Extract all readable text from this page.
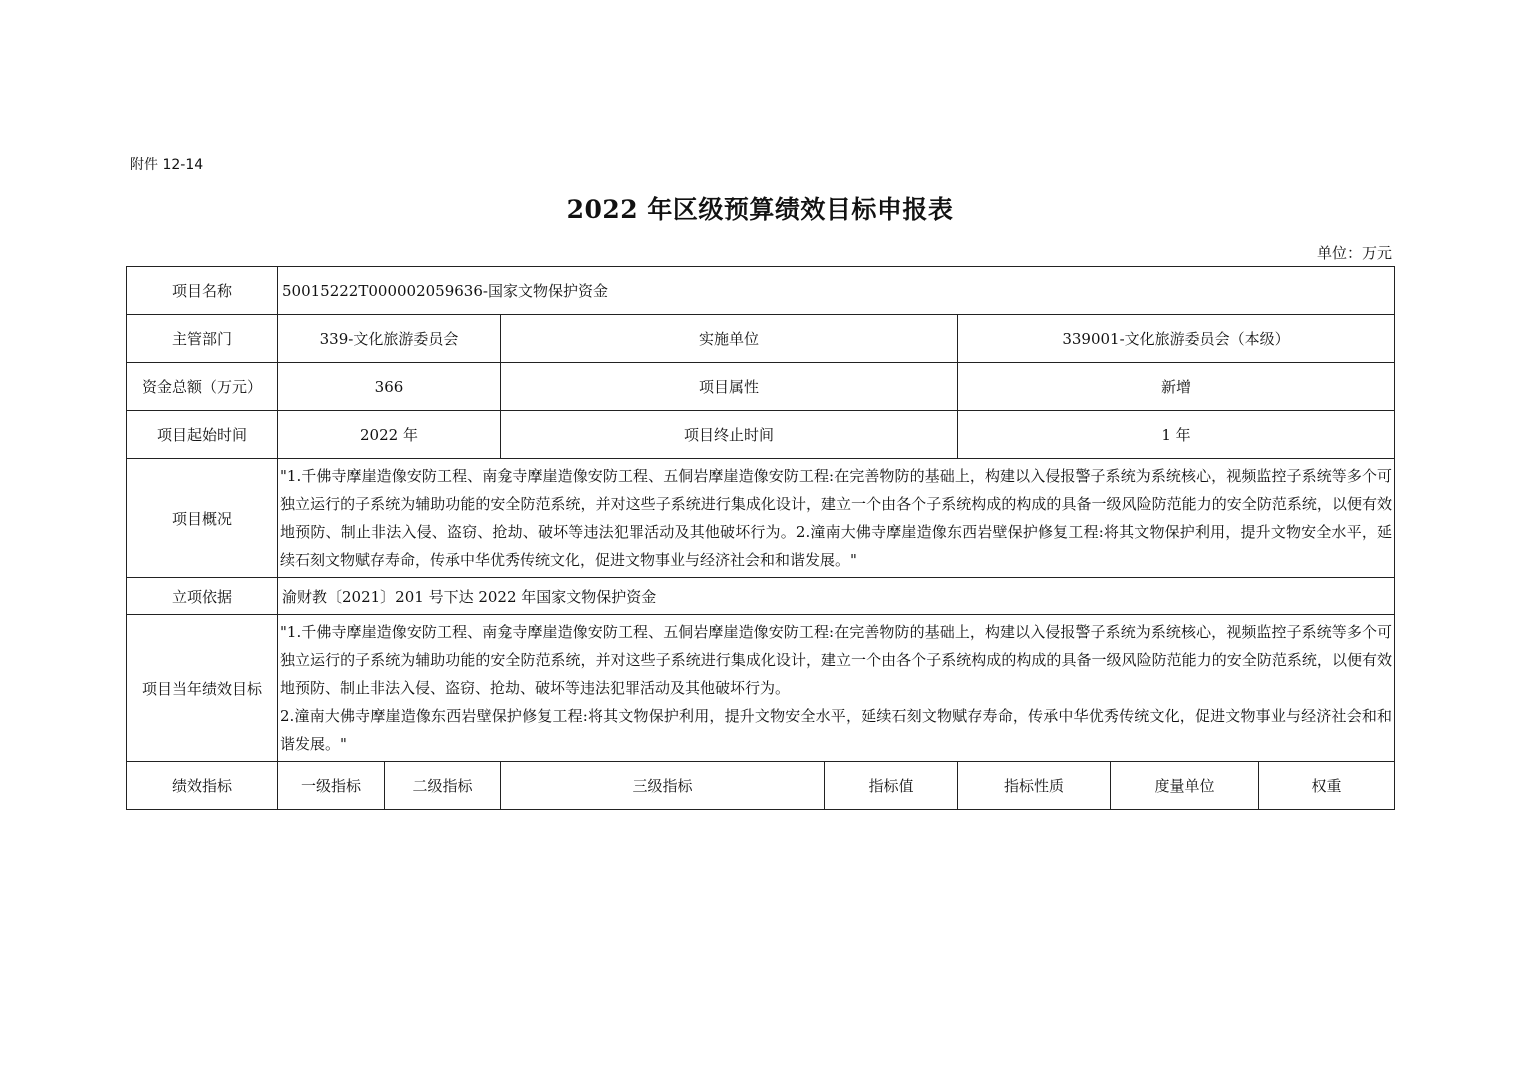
附件 12-14
2022 年区级预算绩效目标申报表
单位：万元
项目名称	50015222T000002059636-国家文物保护资金						
主管部门	339-文化旅游委员会		实施单位		339001-文化旅游委员会（本级）		
资金总额（万元）	366		项目属性		新增		
项目起始时间	2022 年		项目终止时间		1 年		
项目概况	"1.千佛寺摩崖造像安防工程、南龛寺摩崖造像安防工程、五侗岩摩崖造像安防工程:在完善物防的基础上，构建以入侵报警子系统为系统核心，视频监控子系统等多个可独立运行的子系统为辅助功能的安全防范系统，并对这些子系统进行集成化设计，建立一个由各个子系统构成的构成的具备一级风险防范能力的安全防范系统，以便有效地预防、制止非法入侵、盗窃、抢劫、破坏等违法犯罪活动及其他破坏行为。2.潼南大佛寺摩崖造像东西岩壁保护修复工程:将其文物保护利用，提升文物安全水平，延续石刻文物赋存寿命，传承中华优秀传统文化，促进文物事业与经济社会和和谐发展。"						
立项依据	渝财教〔2021〕201 号下达 2022 年国家文物保护资金						
项目当年绩效目标	"1.千佛寺摩崖造像安防工程、南龛寺摩崖造像安防工程、五侗岩摩崖造像安防工程:在完善物防的基础上，构建以入侵报警子系统为系统核心，视频监控子系统等多个可独立运行的子系统为辅助功能的安全防范系统，并对这些子系统进行集成化设计，建立一个由各个子系统构成的构成的具备一级风险防范能力的安全防范系统，以便有效地预防、制止非法入侵、盗窃、抢劫、破坏等违法犯罪活动及其他破坏行为。

2.潼南大佛寺摩崖造像东西岩壁保护修复工程:将其文物保护利用，提升文物安全水平，延续石刻文物赋存寿命，传承中华优秀传统文化，促进文物事业与经济社会和和谐发展。"						

绩效指标	一级指标	二级指标	三级指标	指标值	指标性质	度量单位	权重
